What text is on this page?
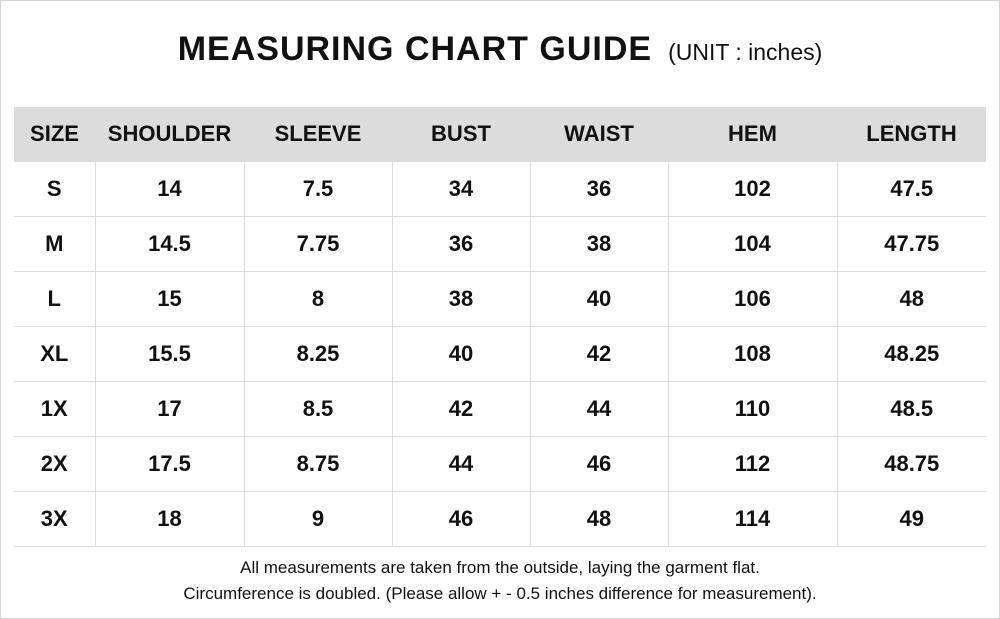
MEASURING CHART GUIDE (UNIT : inches)
SIZE	SHOULDER	SLEEVE	BUST	WAIST	HEM	LENGTH
S	14	7.5	34	36	102	47.5
M	14.5	7.75	36	38	104	47.75
L	15	8	38	40	106	48
XL	15.5	8.25	40	42	108	48.25
1X	17	8.5	42	44	110	48.5
2X	17.5	8.75	44	46	112	48.75
3X	18	9	46	48	114	49
All measurements are taken from the outside, laying the garment flat.
Circumference is doubled. (Please allow + - 0.5 inches difference for measurement).
